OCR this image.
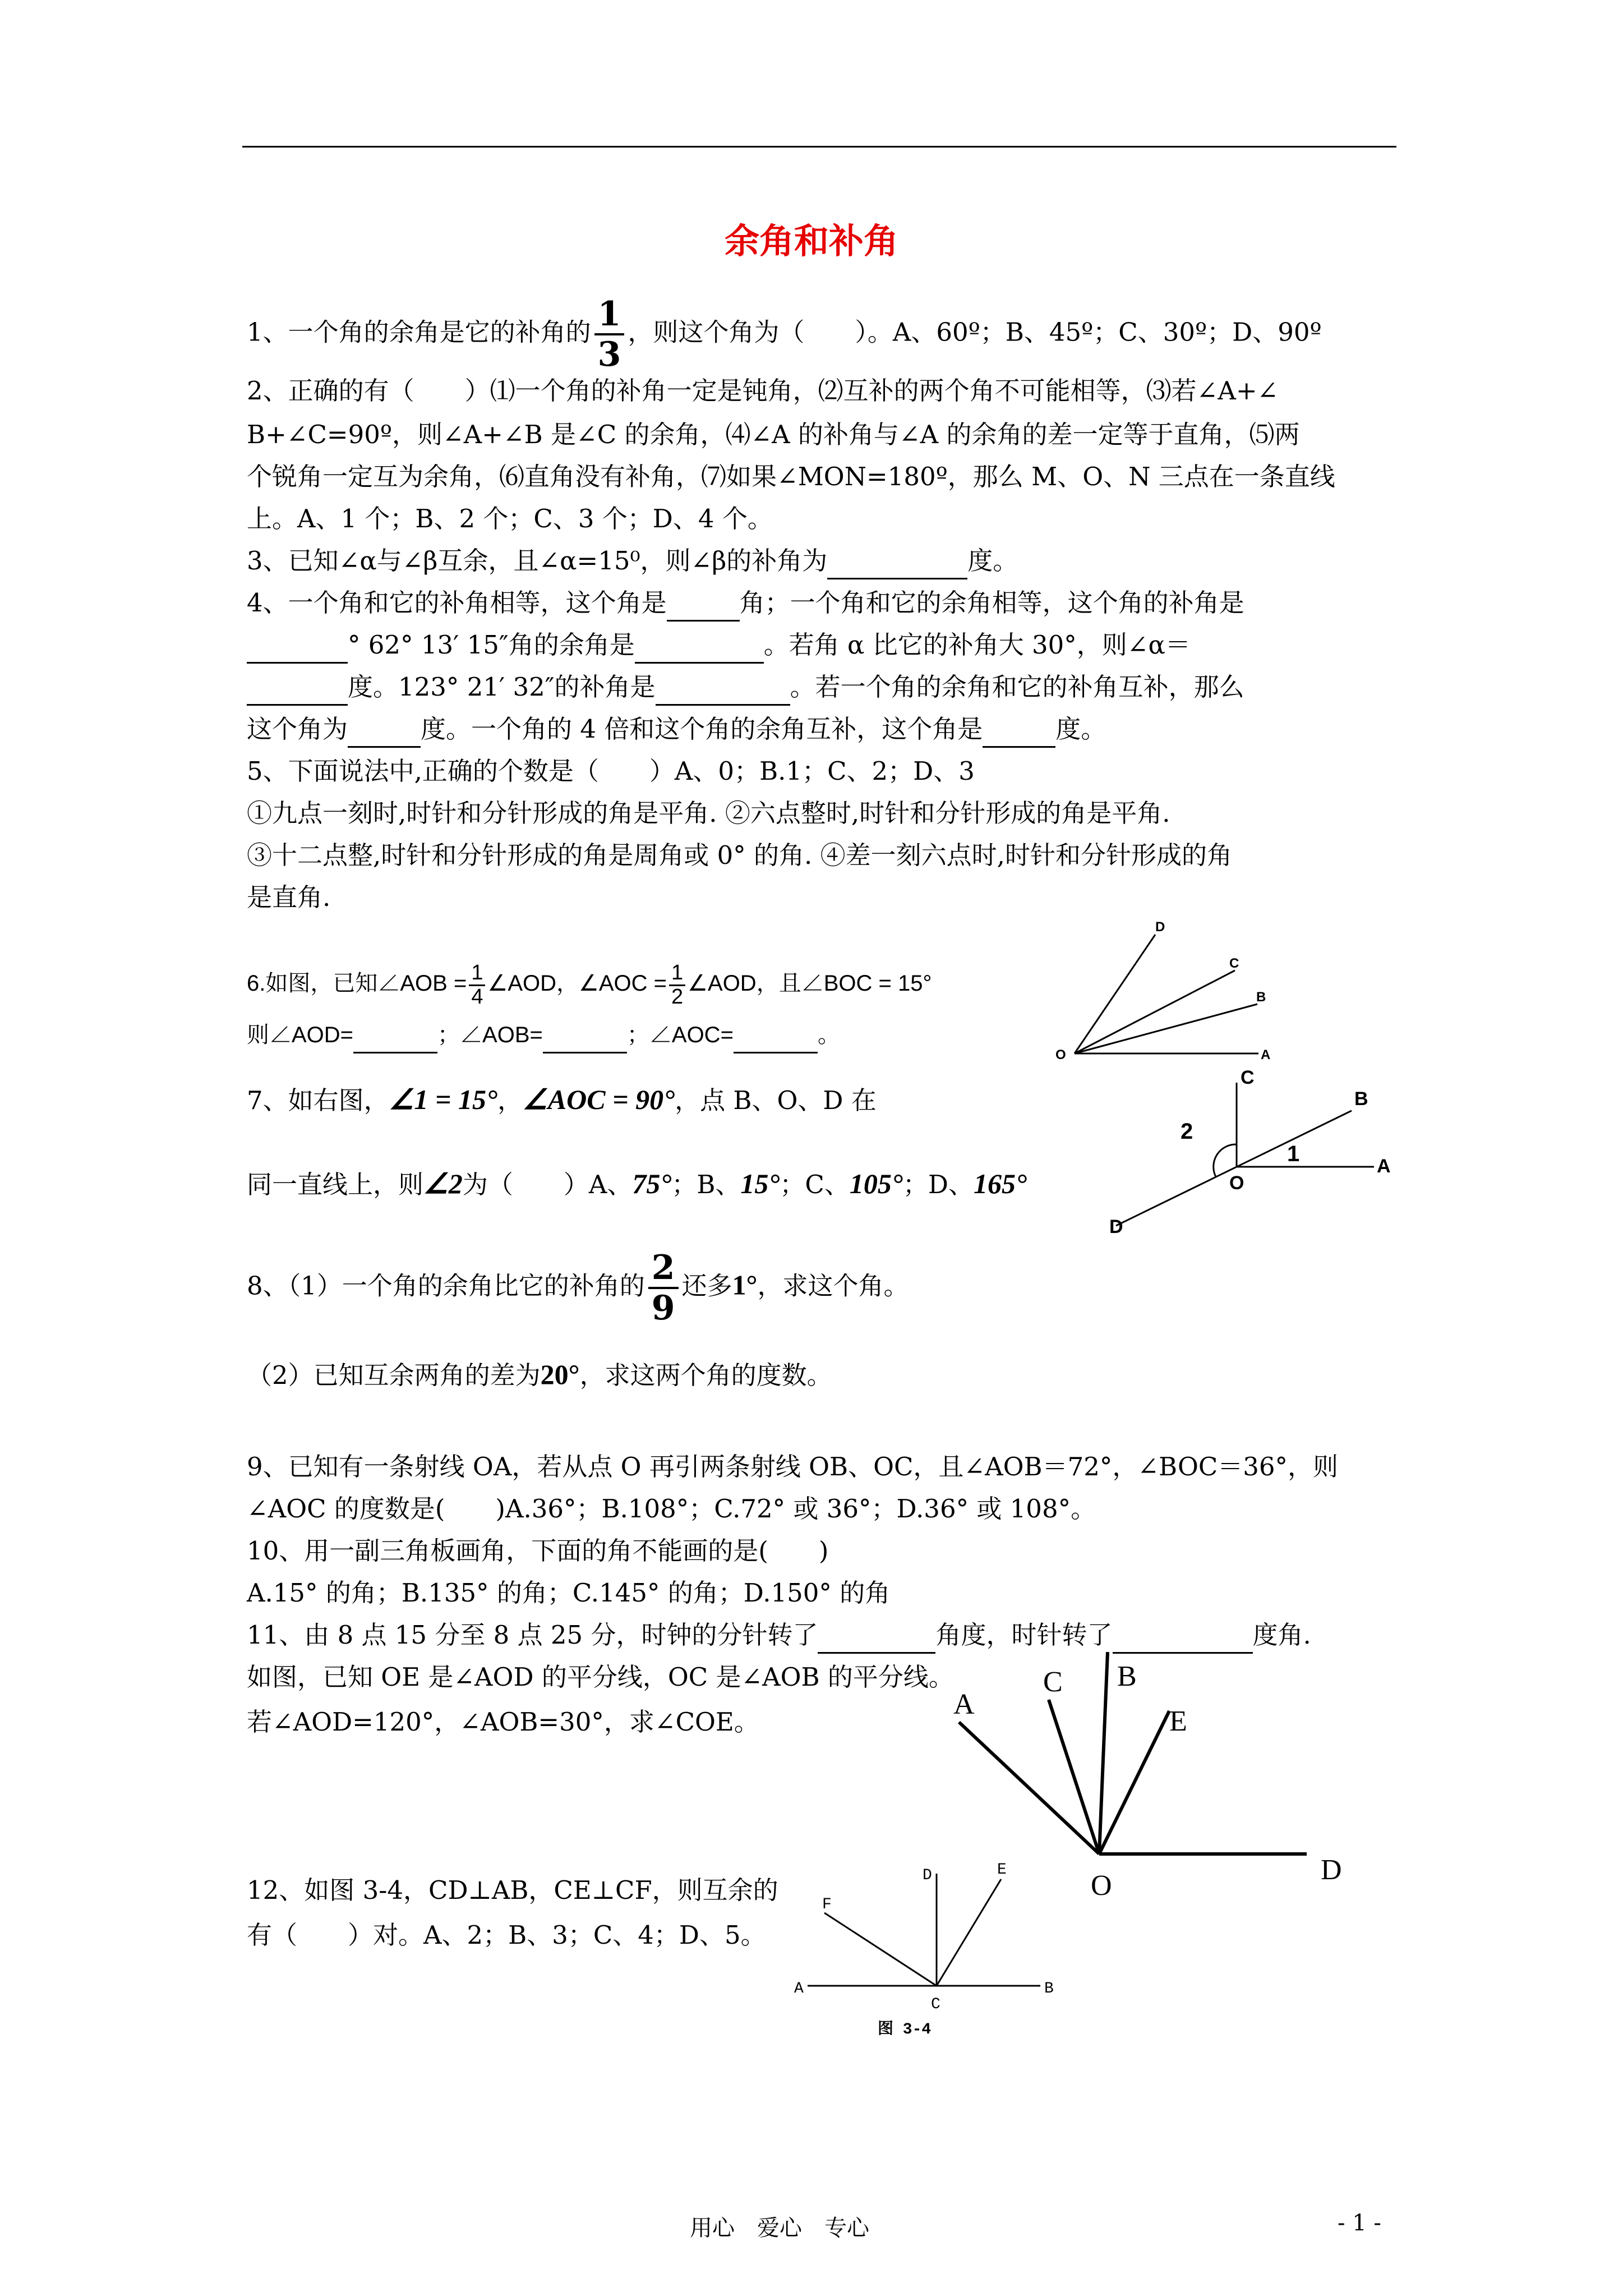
余角和补角
1、一个角的余角是它的补角的 $\frac{1}{3}$ ，则这个角为（　　）。A、60º；B、45º；C、30º；D、90º
2、正确的有（　　）⑴一个角的补角一定是钝角，⑵互补的两个角不可能相等，⑶若∠A+∠
B+∠C=90º，则∠A+∠B 是∠C 的余角，⑷∠A 的补角与∠A 的余角的差一定等于直角，⑸两
个锐角一定互为余角，⑹直角没有补角，⑺如果∠MON=180º，那么 M、O、N 三点在一条直线
上。A、1 个；B、2 个；C、3 个；D、4 个。
3、已知∠α与∠β互余，且∠α=15⁰，则∠β的补角为	度。
4、一个角和它的补角相等，这个角是	角；一个角和它的余角相等，这个角的补角是
° 62° 13′ 15″角的余角是	。若角 α 比它的补角大 30°，则∠α＝
度。123° 21′ 32″的补角是	。若一个角的余角和它的补角互补，那么
这个角为	度。一个角的 4 倍和这个角的余角互补，这个角是	度。
5、下面说法中,正确的个数是（　　）A、0；B.1；C、2；D、3
①九点一刻时,时针和分针形成的角是平角. ②六点整时,时针和分针形成的角是平角.
③十二点整,时针和分针形成的角是周角或 0° 的角. ④差一刻六点时,时针和分针形成的角
是直角.
6.如图，已知∠AOB = $\frac{1}{4}$ ∠AOD，∠AOC = $\frac{1}{2}$ ∠AOD，且∠BOC = 15°
则∠AOD=	；∠AOB=	；∠AOC=	。
D
C
B
O	A
7、如右图，∠1 = 15°，∠AOC = 90°，点 B、O、D 在
同一直线上，则∠2为（　　）A、75°；B、15°；C、105°；D、165°
C
B
2
1
O
A
D
8、（1）一个角的余角比它的补角的 $\frac{2}{9}$ 还多1°，求这个角。
（2）已知互余两角的差为20°，求这两个角的度数。
9、已知有一条射线 OA，若从点 O 再引两条射线 OB、OC，且∠AOB＝72°，∠BOC＝36°，则
∠AOC 的度数是(　　)A.36°；B.108°；C.72° 或 36°；D.36° 或 108°。
10、用一副三角板画角，下面的角不能画的是(　　)
A.15° 的角；B.135° 的角；C.145° 的角；D.150° 的角
11、由 8 点 15 分至 8 点 25 分，时钟的分针转了	角度，时针转了	度角.
如图，已知 OE 是∠AOD 的平分线，OC 是∠AOB 的平分线。
若∠AOD=120°，∠AOB=30°，求∠COE。
A
C B
E
O	D
12、如图 3-4，CD⊥AB，CE⊥CF，则互余的
有（　　）对。A、2；B、3；C、4；D、5。
D	E
F
A
C
B
图 3-4
用心　爱心　专心	- 1 -
